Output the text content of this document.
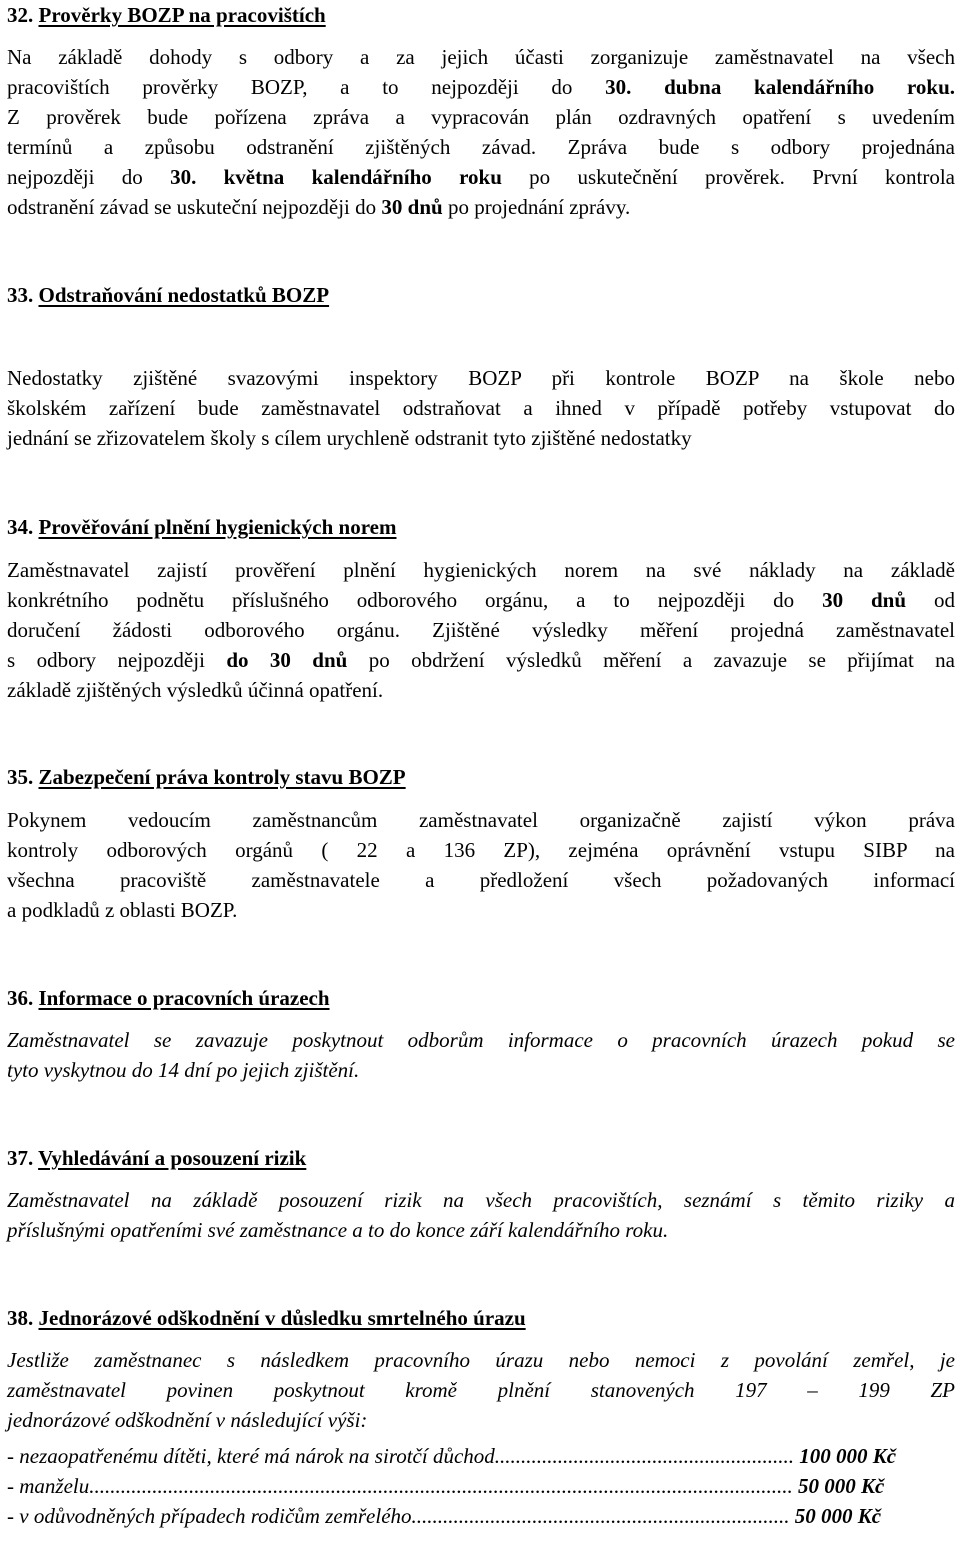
32. Prověrky BOZP na pracovištích
Na základě dohody s odbory a za jejich účasti zorganizuje zaměstnavatel na všech
pracovištích prověrky BOZP, a to nejpozději do 30. dubna kalendářního roku.
Z prověrek bude pořízena zpráva a vypracován plán ozdravných opatření s uvedením
termínů a způsobu odstranění zjištěných závad. Zpráva bude s odbory projednána
nejpozději do 30. května kalendářního roku po uskutečnění prověrek. První kontrola
odstranění závad se uskuteční nejpozději do 30 dnů po projednání zprávy.
33. Odstraňování nedostatků BOZP
Nedostatky zjištěné svazovými inspektory BOZP při kontrole BOZP na škole nebo
školském zařízení bude zaměstnavatel odstraňovat a ihned v případě potřeby vstupovat do
jednání se zřizovatelem školy s cílem urychleně odstranit tyto zjištěné nedostatky
34. Prověřování plnění hygienických norem
Zaměstnavatel zajistí prověření plnění hygienických norem na své náklady na základě
konkrétního podnětu příslušného odborového orgánu, a to nejpozději do 30 dnů od
doručení žádosti odborového orgánu. Zjištěné výsledky měření projedná zaměstnavatel
s odbory nejpozději do 30 dnů po obdržení výsledků měření a zavazuje se přijímat na
základě zjištěných výsledků účinná opatření.
35. Zabezpečení práva kontroly stavu BOZP
Pokynem vedoucím zaměstnancům zaměstnavatel organizačně zajistí výkon práva
kontroly odborových orgánů ( 22 a 136 ZP), zejména oprávnění vstupu SIBP na
všechna pracoviště zaměstnavatele a předložení všech požadovaných informací
a podkladů z oblasti BOZP.
36. Informace o pracovních úrazech
Zaměstnavatel se zavazuje poskytnout odborům informace o pracovních úrazech pokud se
tyto vyskytnou do 14 dní po jejich zjištění.
37. Vyhledávání a posouzení rizik
Zaměstnavatel na základě posouzení rizik na všech pracovištích, seznámí s těmito riziky a
příslušnými opatřeními své zaměstnance a to do konce září kalendářního roku.
38. Jednorázové odškodnění v důsledku smrtelného úrazu
Jestliže zaměstnanec s následkem pracovního úrazu nebo nemoci z povolání zemřel, je
zaměstnavatel povinen poskytnout kromě plnění stanovených 197 – 199 ZP
jednorázové odškodnění v následující výši:
- nezaopatřenému dítěti, které má nárok na sirotčí důchod......................................................... 100 000 Kč
- manželu...................................................................................................................................... 50 000 Kč
- v odůvodněných případech rodičům zemřelého........................................................................ 50 000 Kč
